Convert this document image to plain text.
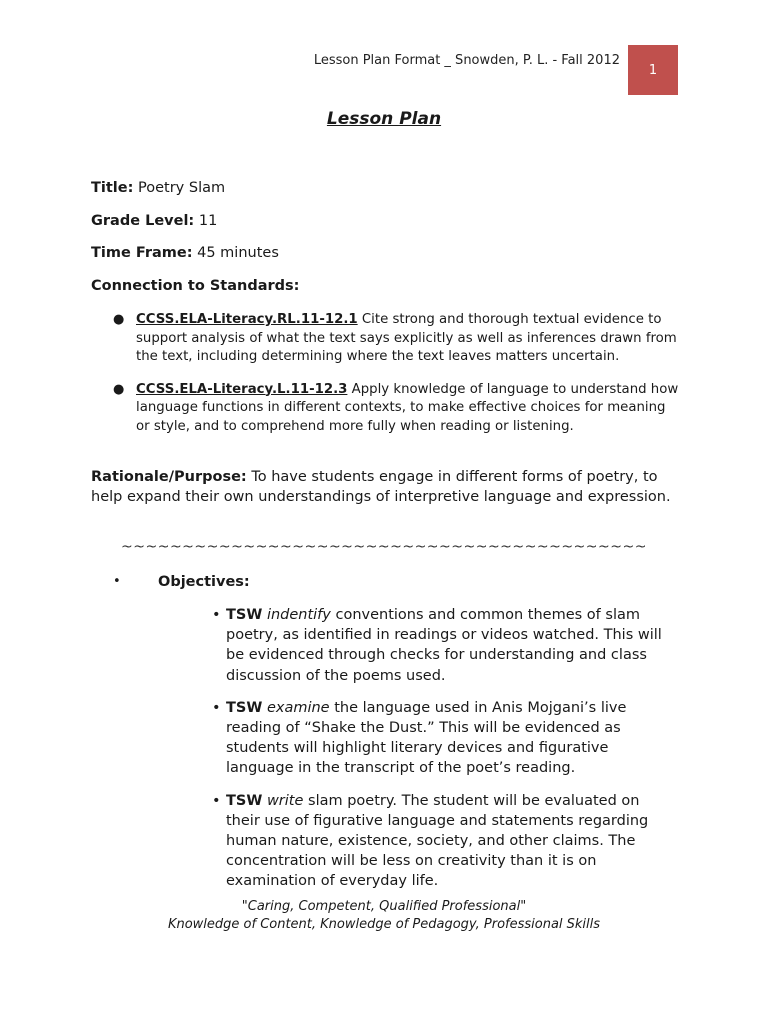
Lesson Plan Format _ Snowden, P. L. - Fall 2012
1
Lesson Plan
Title: Poetry Slam
Grade Level: 11
Time Frame: 45 minutes
Connection to Standards:
● CCSS.ELA-Literacy.RL.11-12.1 Cite strong and thorough textual evidence to support analysis of what the text says explicitly as well as inferences drawn from the text, including determining where the text leaves matters uncertain.
● CCSS.ELA-Literacy.L.11-12.3 Apply knowledge of language to understand how language functions in different contexts, to make effective choices for meaning or style, and to comprehend more fully when reading or listening.
Rationale/Purpose: To have students engage in different forms of poetry, to help expand their own understandings of interpretive language and expression.
~~~~~~~~~~~~~~~~~~~~~~~~~~~~~~~~~~~~~~~~~~~
•	Objectives:
• TSW indentify conventions and common themes of slam poetry, as identified in readings or videos watched. This will be evidenced through checks for understanding and class discussion of the poems used.
• TSW examine the language used in Anis Mojgani’s live reading of “Shake the Dust.” This will be evidenced as students will highlight literary devices and figurative language in the transcript of the poet’s reading.
• TSW write slam poetry. The student will be evaluated on their use of figurative language and statements regarding human nature, existence, society, and other claims. The concentration will be less on creativity than it is on examination of everyday life.
"Caring, Competent, Qualified Professional"
Knowledge of Content, Knowledge of Pedagogy, Professional Skills
